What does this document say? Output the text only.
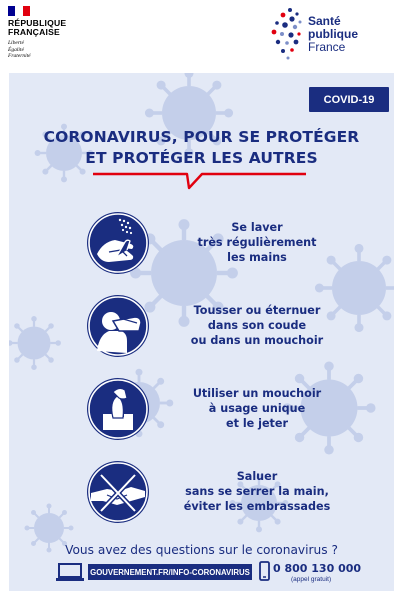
RÉPUBLIQUE
FRANÇAISE
Liberté
Égalité
Fraternité
Santé
publique
France
COVID-19
CORONAVIRUS, POUR SE PROTÉGER
ET PROTÉGER LES AUTRES
Se laver
très régulièrement
les mains
Tousser ou éternuer
dans son coude
ou dans un mouchoir
Utiliser un mouchoir
à usage unique
et le jeter
Saluer
sans se serrer la main,
éviter les embrassades
Vous avez des questions sur le coronavirus ?
GOUVERNEMENT.FR/INFO-CORONAVIRUS 0 800 130 000
(appel gratuit)
